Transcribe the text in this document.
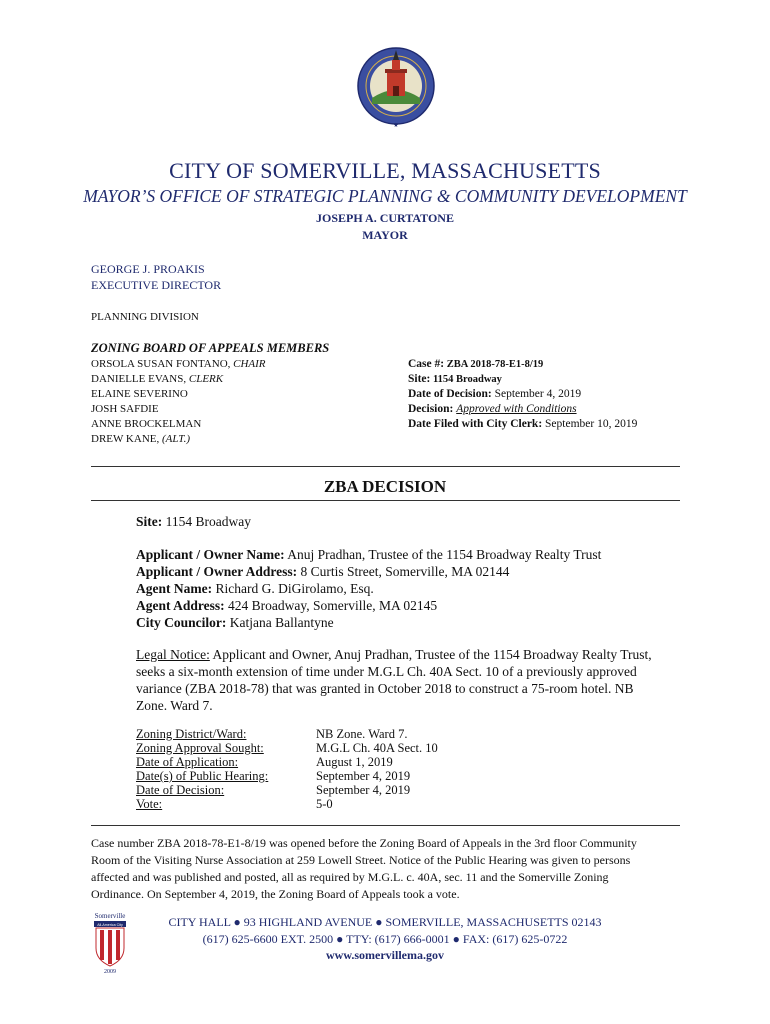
★
CITY OF SOMERVILLE, MASSACHUSETTS
MAYOR’S OFFICE OF STRATEGIC PLANNING & COMMUNITY DEVELOPMENT
JOSEPH A. CURTATONE
MAYOR
GEORGE J. PROAKIS
EXECUTIVE DIRECTOR
PLANNING DIVISION
ZONING BOARD OF APPEALS MEMBERS
ORSOLA SUSAN FONTANO, CHAIR
DANIELLE EVANS, CLERK
ELAINE SEVERINO
JOSH SAFDIE
ANNE BROCKELMAN
DREW KANE, (ALT.)
Case #: ZBA 2018-78-E1-8/19
Site: 1154 Broadway
Date of Decision: September 4, 2019
Decision: Approved with Conditions
Date Filed with City Clerk: September 10, 2019
ZBA DECISION
Site: 1154 Broadway
Applicant / Owner Name: Anuj Pradhan, Trustee of the 1154 Broadway Realty Trust
Applicant / Owner Address: 8 Curtis Street, Somerville, MA 02144
Agent Name: Richard G. DiGirolamo, Esq.
Agent Address: 424 Broadway, Somerville, MA 02145
City Councilor: Katjana Ballantyne
Legal Notice: Applicant and Owner, Anuj Pradhan, Trustee of the 1154 Broadway Realty Trust,
seeks a six-month extension of time under M.G.L Ch. 40A Sect. 10 of a previously approved
variance (ZBA 2018-78) that was granted in October 2018 to construct a 75-room hotel. NB
Zone. Ward 7.
Zoning District/Ward:	NB Zone. Ward 7.
Zoning Approval Sought:	M.G.L Ch. 40A Sect. 10
Date of Application:	August 1, 2019
Date(s) of Public Hearing:	September 4, 2019
Date of Decision:	September 4, 2019
Vote:	5-0
Case number ZBA 2018-78-E1-8/19 was opened before the Zoning Board of Appeals in the 3rd floor Community
Room of the Visiting Nurse Association at 259 Lowell Street. Notice of the Public Hearing was given to persons
affected and was published and posted, all as required by M.G.L. c. 40A, sec. 11 and the Somerville Zoning
Ordinance. On September 4, 2019, the Zoning Board of Appeals took a vote.
Somerville
All-America City
2009
CITY HALL ● 93 HIGHLAND AVENUE ● SOMERVILLE, MASSACHUSETTS 02143
(617) 625-6600 EXT. 2500 ● TTY: (617) 666-0001 ● FAX: (617) 625-0722
www.somervillema.gov
